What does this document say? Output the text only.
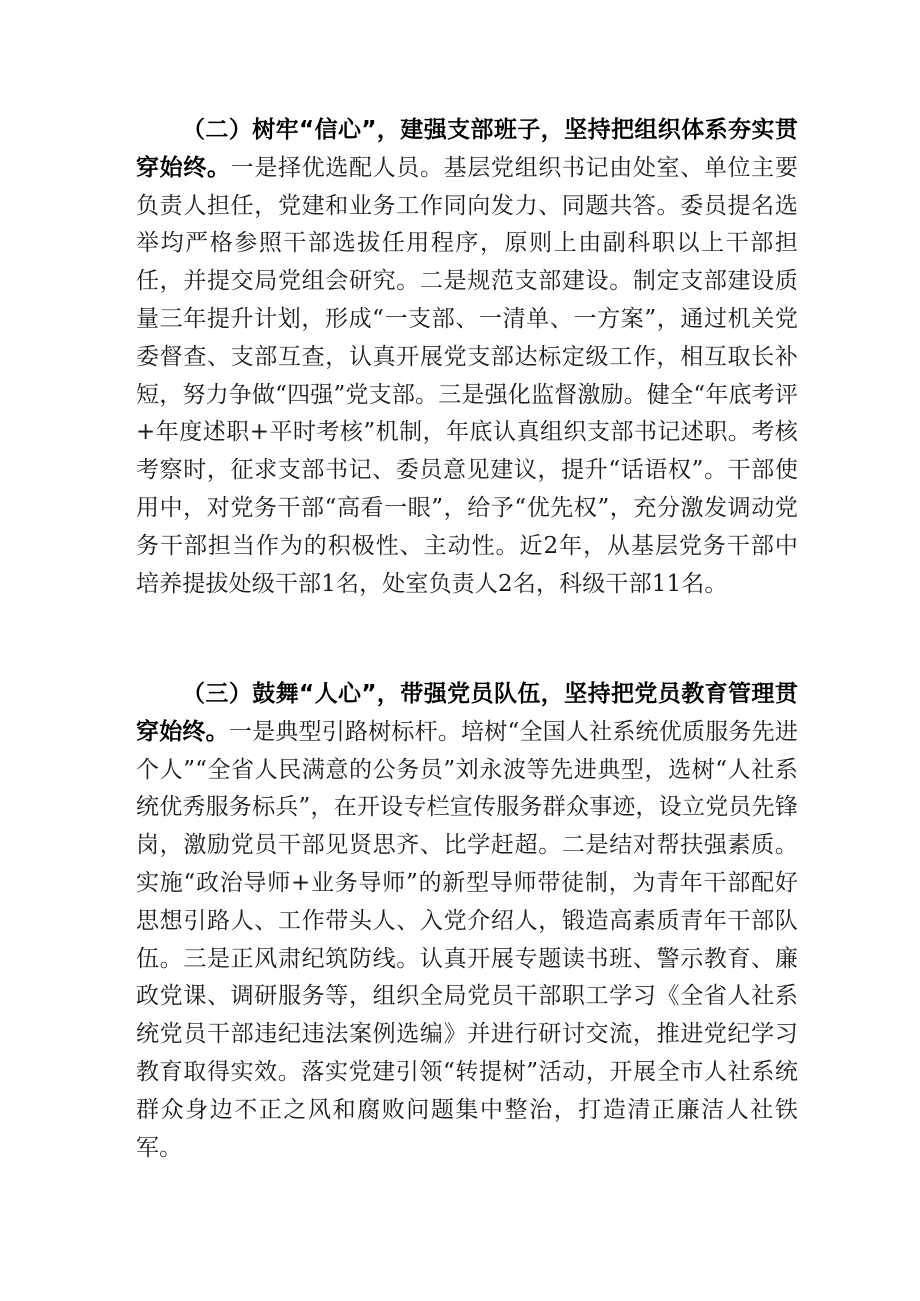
（二）树牢“信心”，建强支部班子，坚持把组织体系夯实贯穿始终。一是择优选配人员。基层党组织书记由处室、单位主要负责人担任，党建和业务工作同向发力、同题共答。委员提名选举均严格参照干部选拔任用程序，原则上由副科职以上干部担任，并提交局党组会研究。二是规范支部建设。制定支部建设质量三年提升计划，形成“一支部、一清单、一方案”，通过机关党委督查、支部互查，认真开展党支部达标定级工作，相互取长补短，努力争做“四强”党支部。三是强化监督激励。健全“年底考评+年度述职+平时考核”机制，年底认真组织支部书记述职。考核考察时，征求支部书记、委员意见建议，提升“话语权”。干部使用中，对党务干部“高看一眼”，给予“优先权”，充分激发调动党务干部担当作为的积极性、主动性。近2年，从基层党务干部中培养提拔处级干部1名，处室负责人2名，科级干部11名。

（三）鼓舞“人心”，带强党员队伍，坚持把党员教育管理贯穿始终。一是典型引路树标杆。培树“全国人社系统优质服务先进个人”“全省人民满意的公务员”刘永波等先进典型，选树“人社系统优秀服务标兵”，在开设专栏宣传服务群众事迹，设立党员先锋岗，激励党员干部见贤思齐、比学赶超。二是结对帮扶强素质。实施“政治导师+业务导师”的新型导师带徒制，为青年干部配好思想引路人、工作带头人、入党介绍人，锻造高素质青年干部队伍。三是正风肃纪筑防线。认真开展专题读书班、警示教育、廉政党课、调研服务等，组织全局党员干部职工学习《全省人社系统党员干部违纪违法案例选编》并进行研讨交流，推进党纪学习教育取得实效。落实党建引领“转提树”活动，开展全市人社系统群众身边不正之风和腐败问题集中整治，打造清正廉洁人社铁军。
